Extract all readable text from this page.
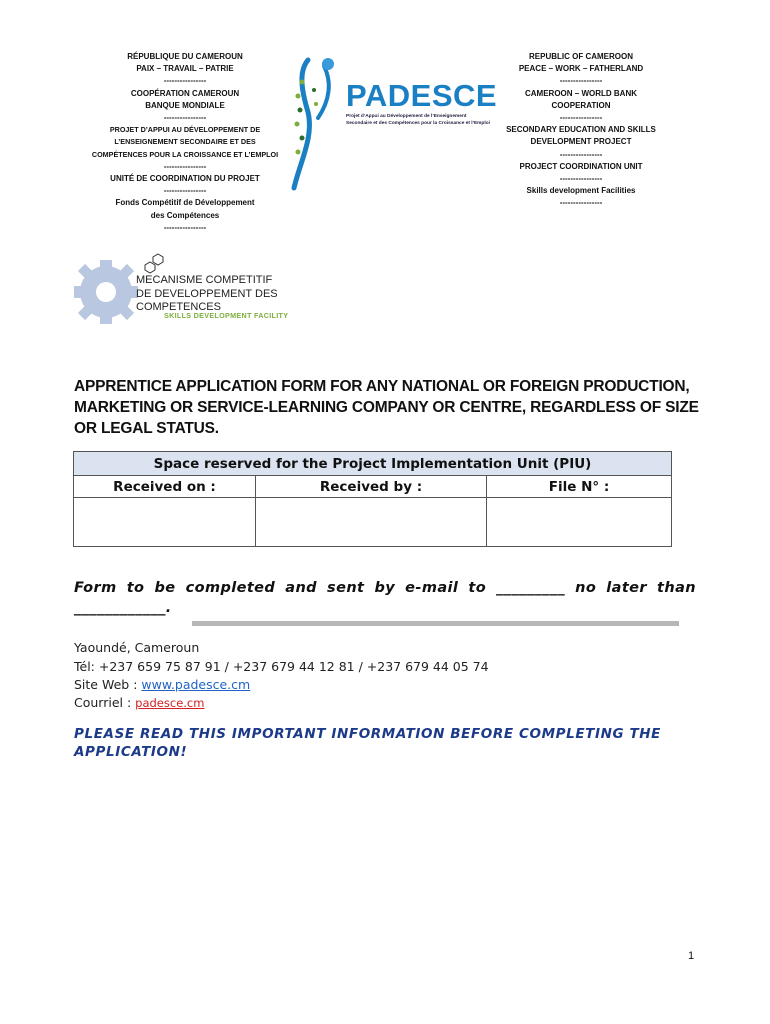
RÉPUBLIQUE DU CAMEROUN
PAIX – TRAVAIL – PATRIE
----------------
COOPÉRATION CAMEROUN
BANQUE MONDIALE
----------------
PROJET D’APPUI AU DÉVELOPPEMENT DE
L’ENSEIGNEMENT SECONDAIRE ET DES
COMPÉTENCES POUR LA CROISSANCE ET L’EMPLOI
----------------
UNITÉ DE COORDINATION DU PROJET
----------------
Fonds Compétitif de Développement
des Compétences
----------------
PADESCE
Projet d’Appui au Développement de l’Enseignement
Secondaire et des Compétences pour la Croissance et l’Emploi
REPUBLIC OF CAMEROON
PEACE – WORK – FATHERLAND
----------------
CAMEROON – WORLD BANK
COOPERATION
----------------
SECONDARY EDUCATION AND SKILLS
DEVELOPMENT PROJECT
----------------
PROJECT COORDINATION UNIT
----------------
Skills development Facilities
----------------
MECANISME COMPETITIF
DE DEVELOPPEMENT DES
COMPETENCES
SKILLS DEVELOPMENT FACILITY
APPRENTICE APPLICATION FORM FOR ANY NATIONAL OR FOREIGN PRODUCTION, MARKETING OR SERVICE-LEARNING COMPANY OR CENTRE, REGARDLESS OF SIZE OR LEGAL STATUS.
Space reserved for the Project Implementation Unit (PIU)		
Received on :	Received by :	File N° :

Form to be completed and sent by e-mail to _________ no later than ____________.
Yaoundé, Cameroun
Tél: +237 659 75 87 91 / +237 679 44 12 81 / +237 679 44 05 74
Site Web : www.padesce.cm
Courriel : padesce.cm
PLEASE READ THIS IMPORTANT INFORMATION BEFORE COMPLETING THE APPLICATION!
1
